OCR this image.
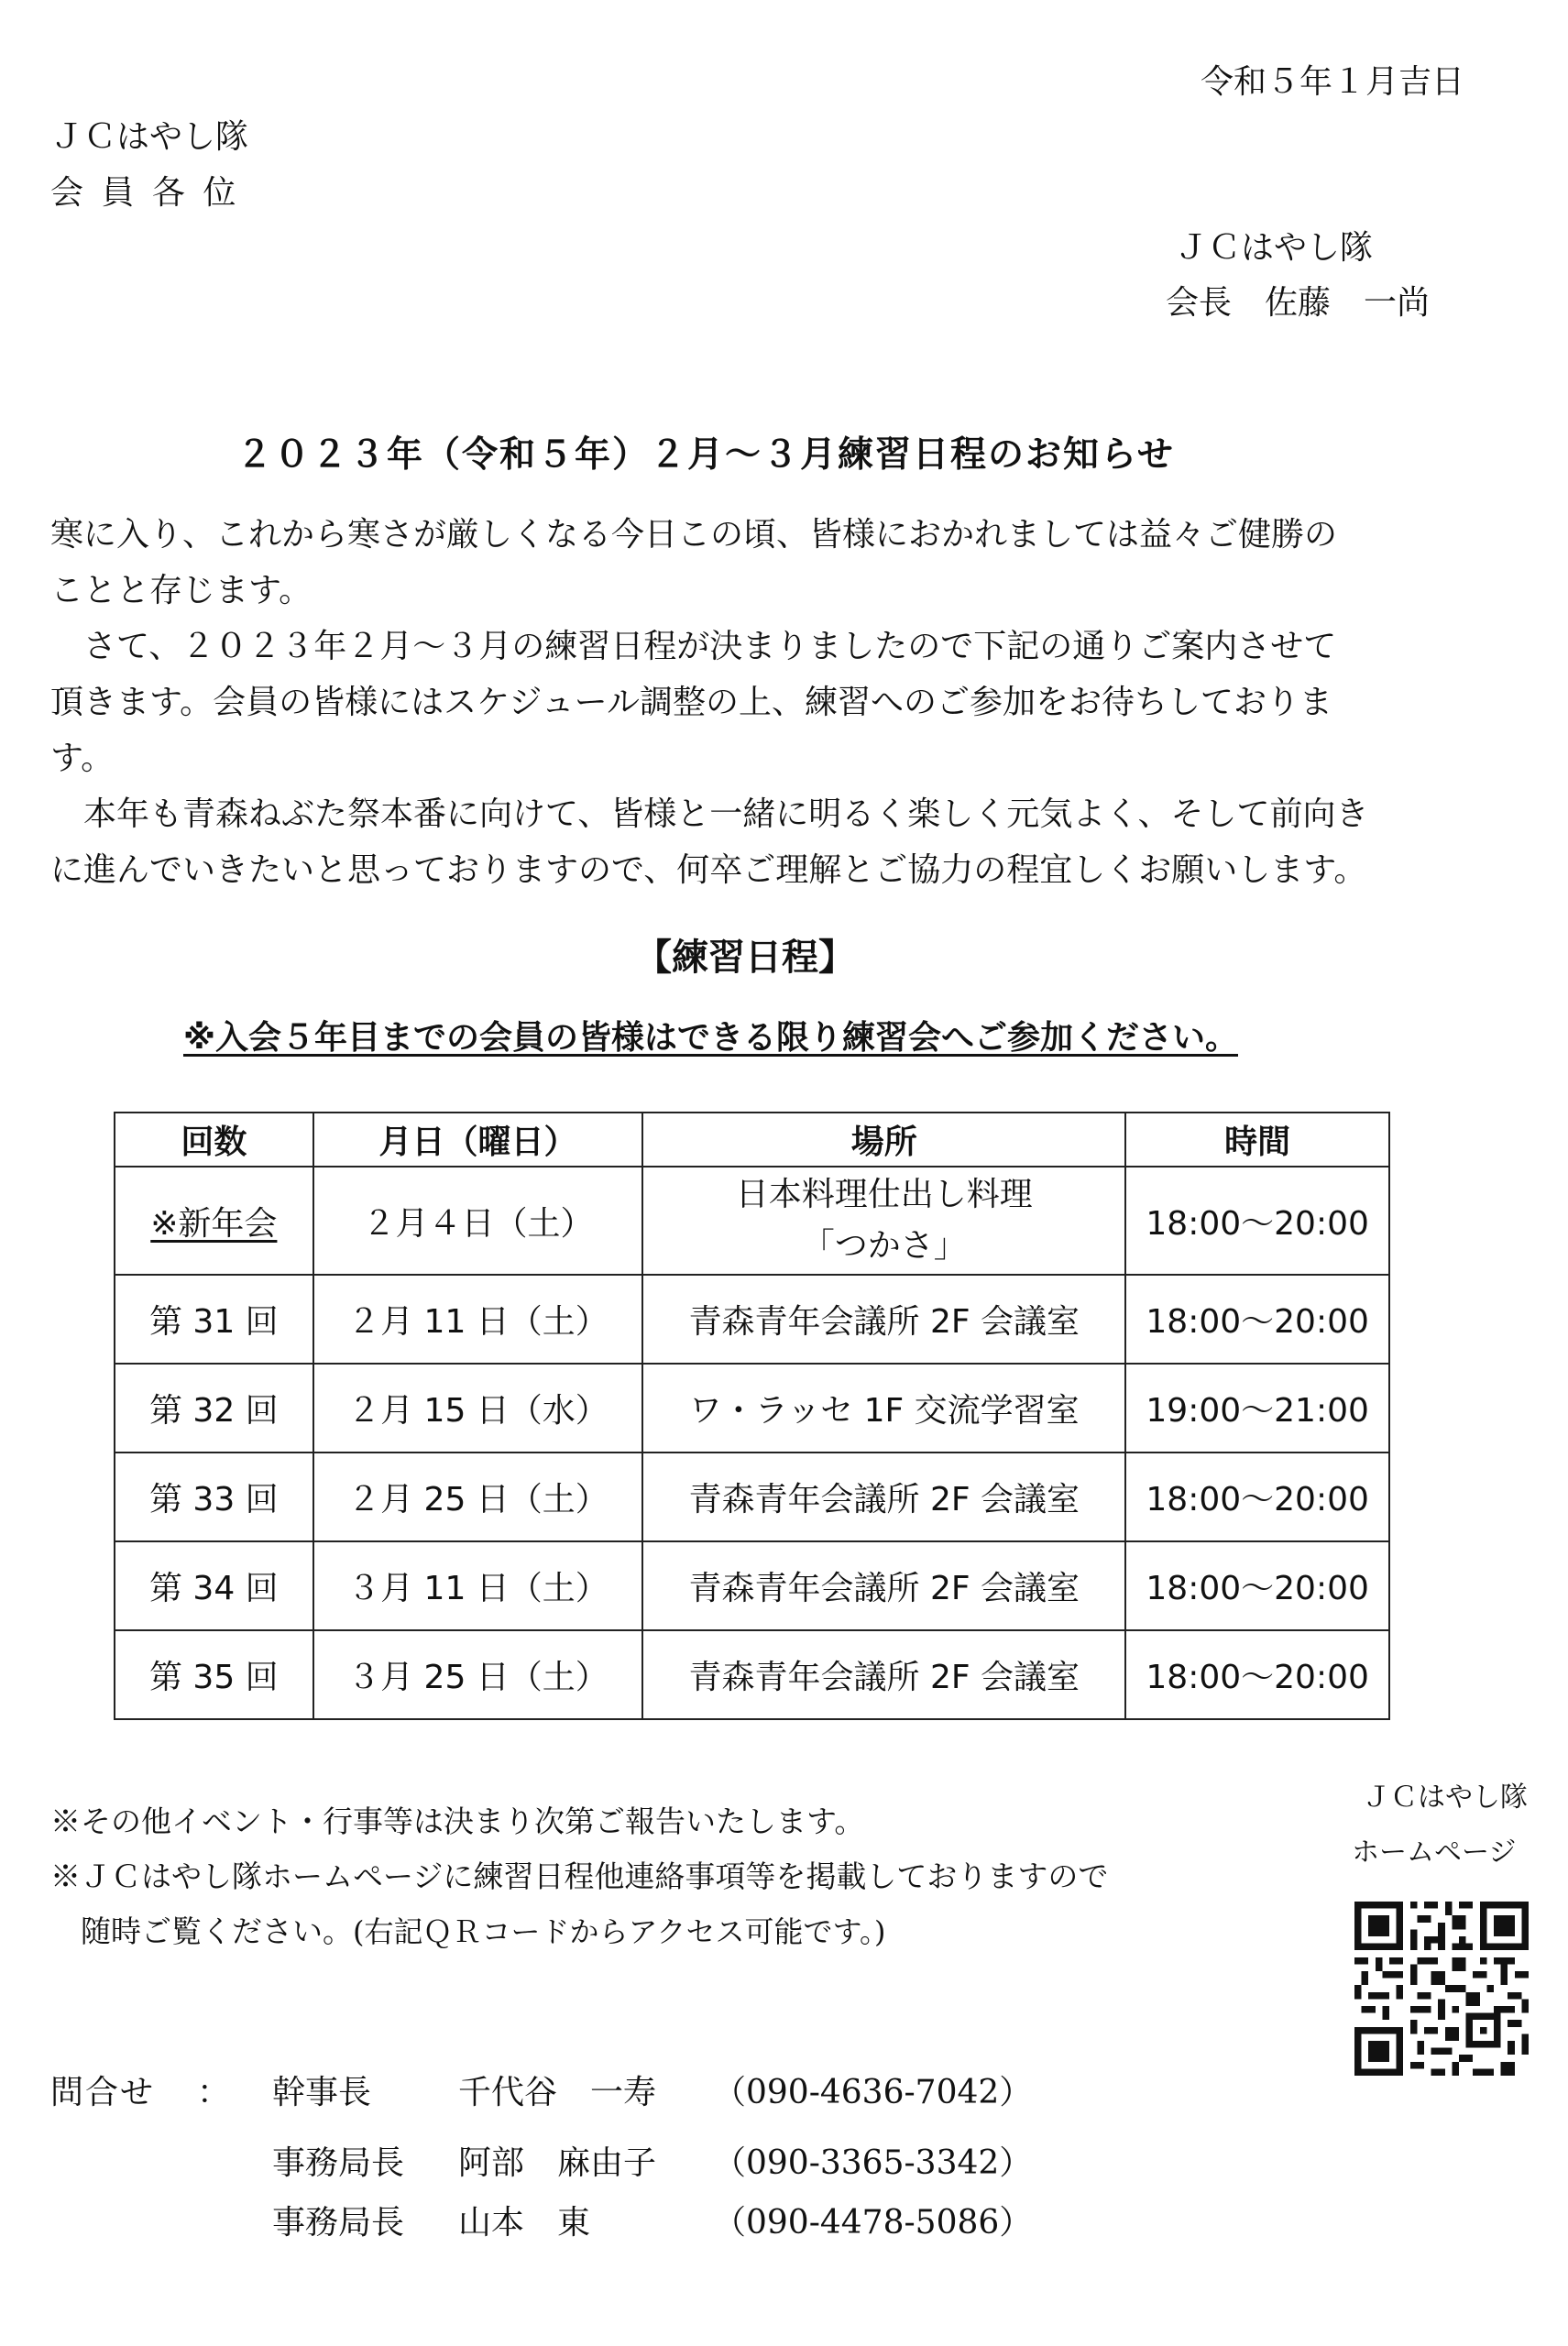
令和５年１月吉日
ＪＣはやし隊
会 員 各 位
ＪＣはやし隊
会長　佐藤　一尚
２０２３年（令和５年）２月～３月練習日程のお知らせ

寒に入り、これから寒さが厳しくなる今日この頃、皆様におかれましては益々ご健勝の

ことと存じます。

　さて、２０２３年２月～３月の練習日程が決まりましたので下記の通りご案内させて

頂きます。会員の皆様にはスケジュール調整の上、練習へのご参加をお待ちしておりま

す。

　本年も青森ねぶた祭本番に向けて、皆様と一緒に明るく楽しく元気よく、そして前向き

に進んでいきたいと思っておりますので、何卒ご理解とご協力の程宜しくお願いします。

【練習日程】
※入会５年目までの会員の皆様はできる限り練習会へご参加ください。
回数	月日（曜日）	場所	時間
※新年会	２月４日（土）	日本料理仕出し料理
「つかさ」	18:00～20:00
第 31 回	２月 11 日（土）	青森青年会議所 2F 会議室	18:00～20:00
第 32 回	２月 15 日（水）	ワ・ラッセ 1F 交流学習室	19:00～21:00
第 33 回	２月 25 日（土）	青森青年会議所 2F 会議室	18:00～20:00
第 34 回	３月 11 日（土）	青森青年会議所 2F 会議室	18:00～20:00
第 35 回	３月 25 日（土）	青森青年会議所 2F 会議室	18:00～20:00
※その他イベント・行事等は決まり次第ご報告いたします。
※ＪＣはやし隊ホームページに練習日程他連絡事項等を掲載しておりますので
随時ご覧ください。(右記ＱＲコードからアクセス可能です。)
ＪＣはやし隊
ホームページ
問合せ ： 幹事長	千代谷　一寿 （090-4636-7042）
事務局長 阿部　麻由子 （090-3365-3342）
事務局長 山本　東	（090-4478-5086）
